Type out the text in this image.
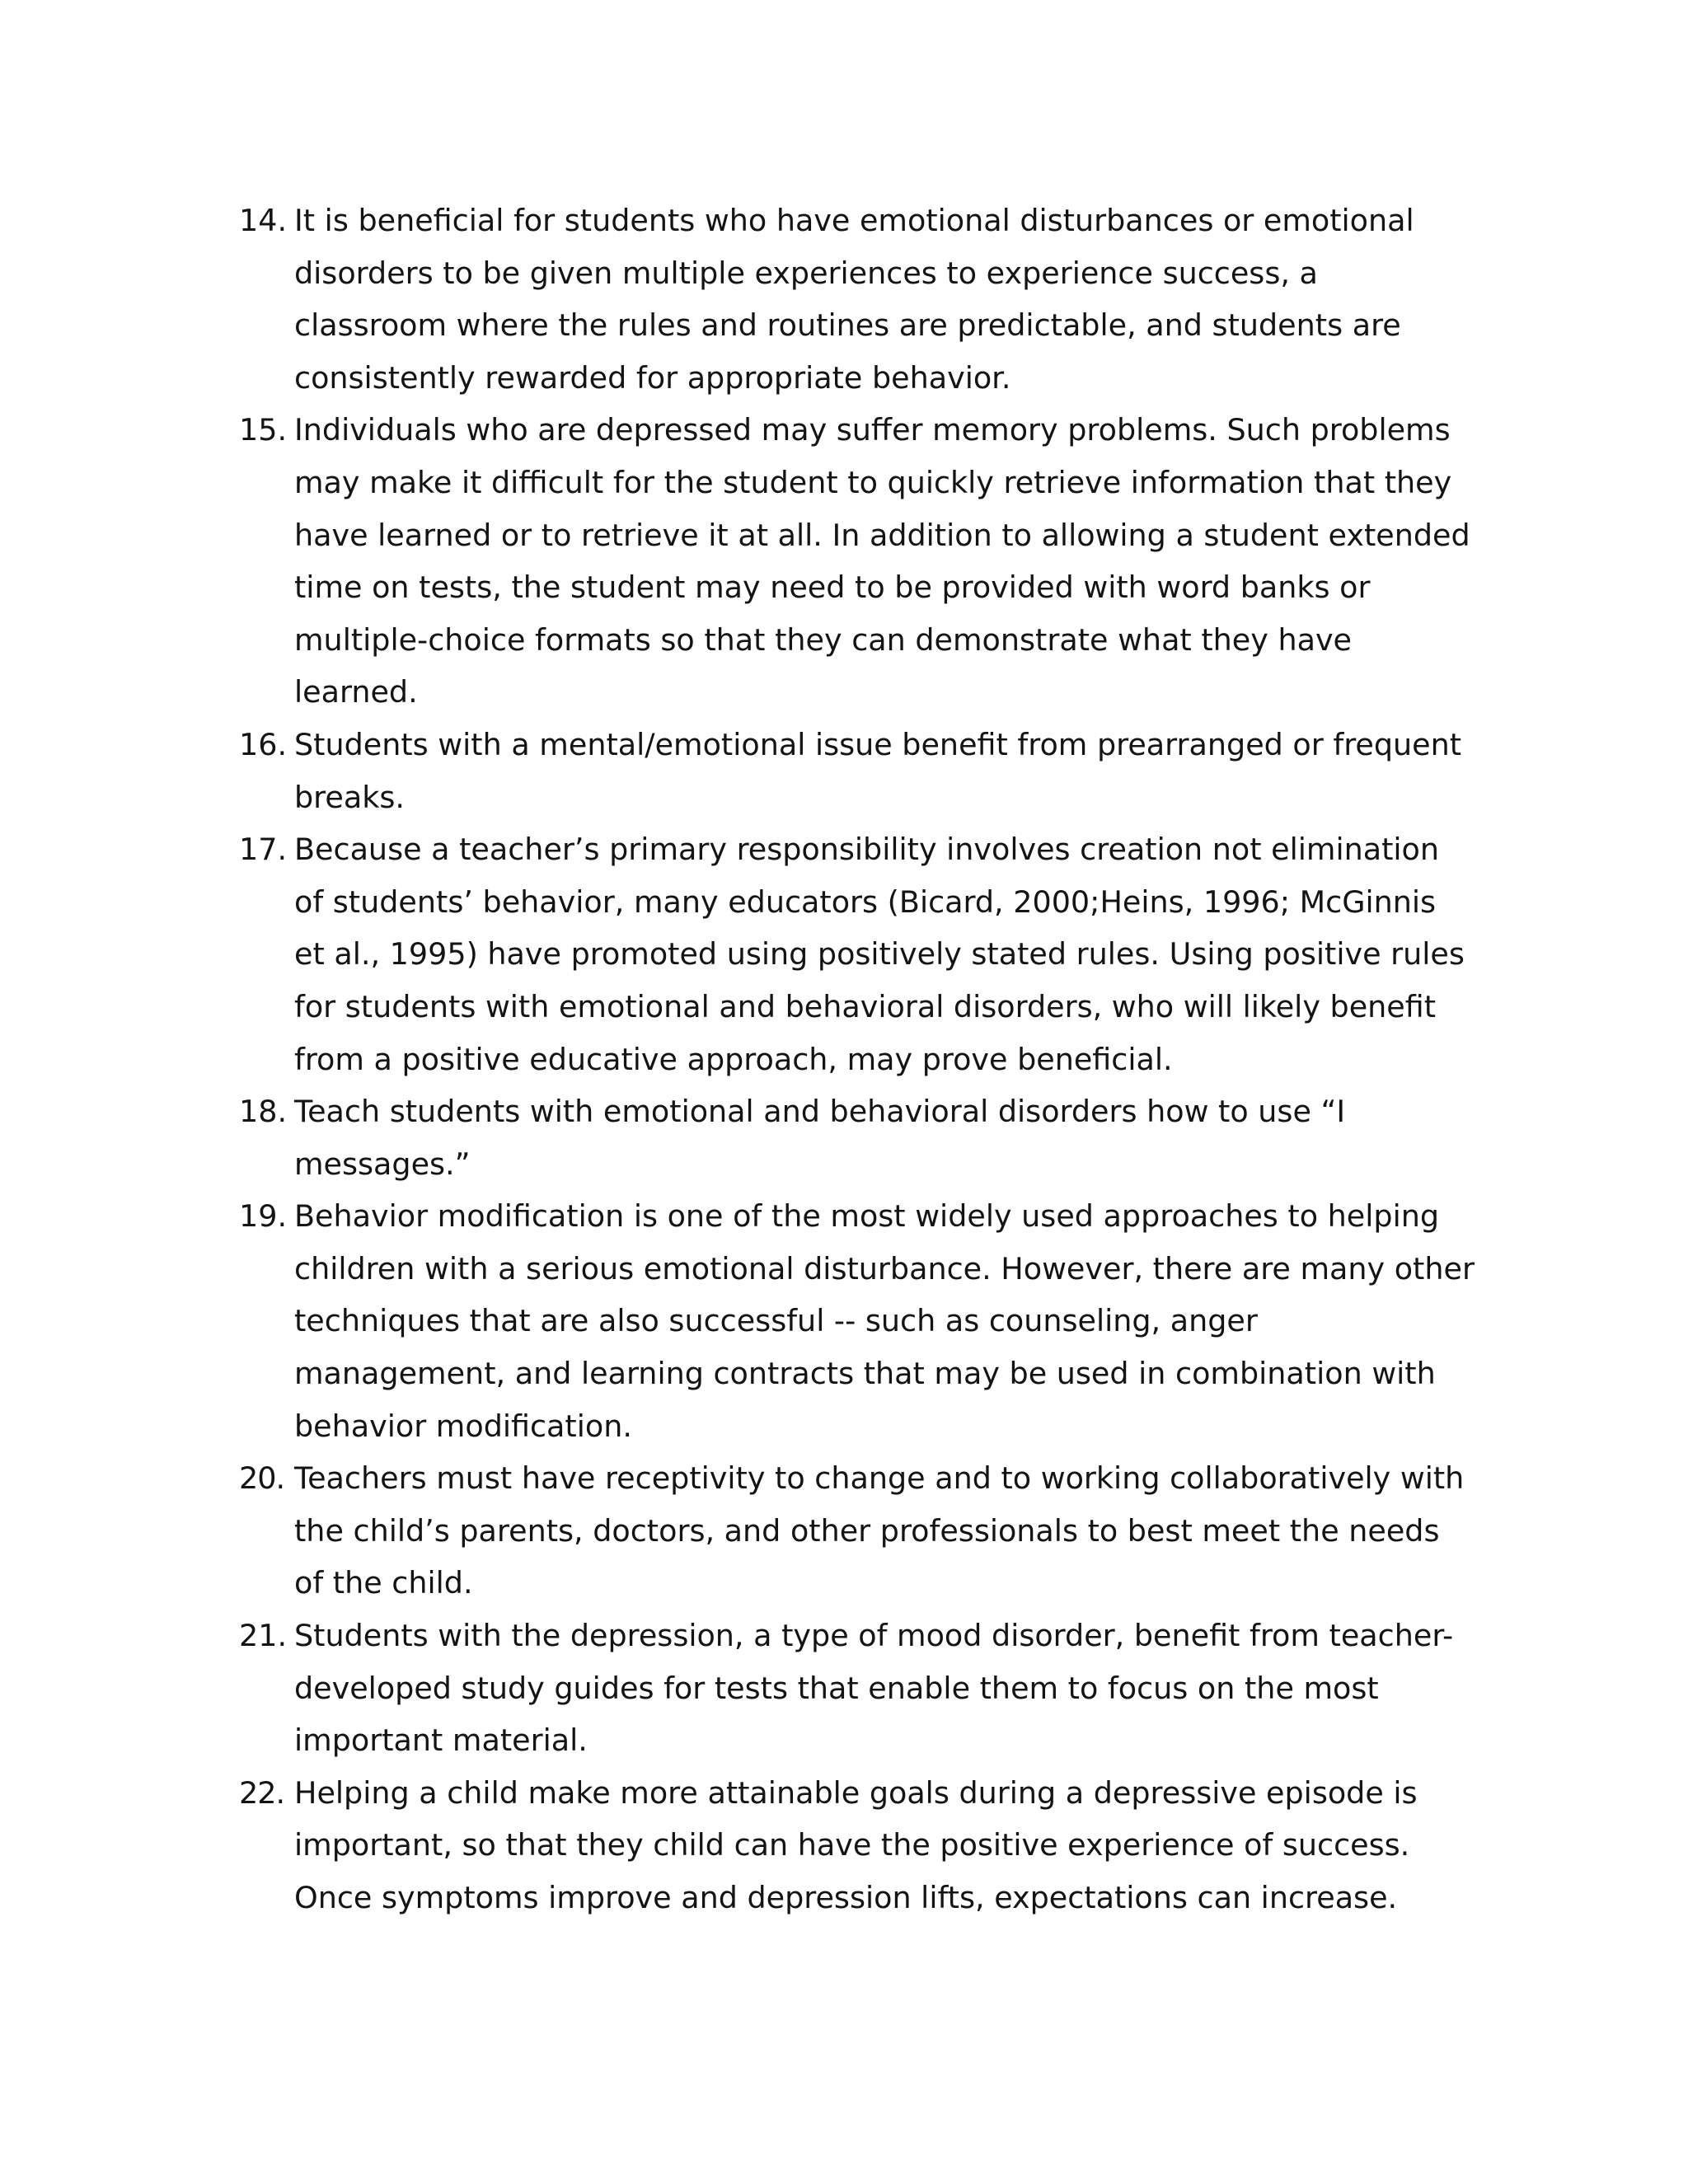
14. It is beneficial for students who have emotional disturbances or emotional disorders to be given multiple experiences to experience success, a classroom where the rules and routines are predictable, and students are consistently rewarded for appropriate behavior.
15. Individuals who are depressed may suffer memory problems. Such problems may make it difficult for the student to quickly retrieve information that they have learned or to retrieve it at all. In addition to allowing a student extended time on tests, the student may need to be provided with word banks or multiple-choice formats so that they can demonstrate what they have learned.
16. Students with a mental/emotional issue benefit from prearranged or frequent breaks.
17. Because a teacher’s primary responsibility involves creation not elimination of students’ behavior, many educators (Bicard, 2000;Heins, 1996; McGinnis et al., 1995) have promoted using positively stated rules. Using positive rules for students with emotional and behavioral disorders, who will likely benefit from a positive educative approach, may prove beneficial.
18. Teach students with emotional and behavioral disorders how to use “I messages.”
19. Behavior modification is one of the most widely used approaches to helping children with a serious emotional disturbance. However, there are many other techniques that are also successful -- such as counseling, anger management, and learning contracts that may be used in combination with behavior modification.
20. Teachers must have receptivity to change and to working collaboratively with the child’s parents, doctors, and other professionals to best meet the needs of the child.
21. Students with the depression, a type of mood disorder, benefit from teacher-developed study guides for tests that enable them to focus on the most important material.
22. Helping a child make more attainable goals during a depressive episode is important, so that they child can have the positive experience of success. Once symptoms improve and depression lifts, expectations can increase.
